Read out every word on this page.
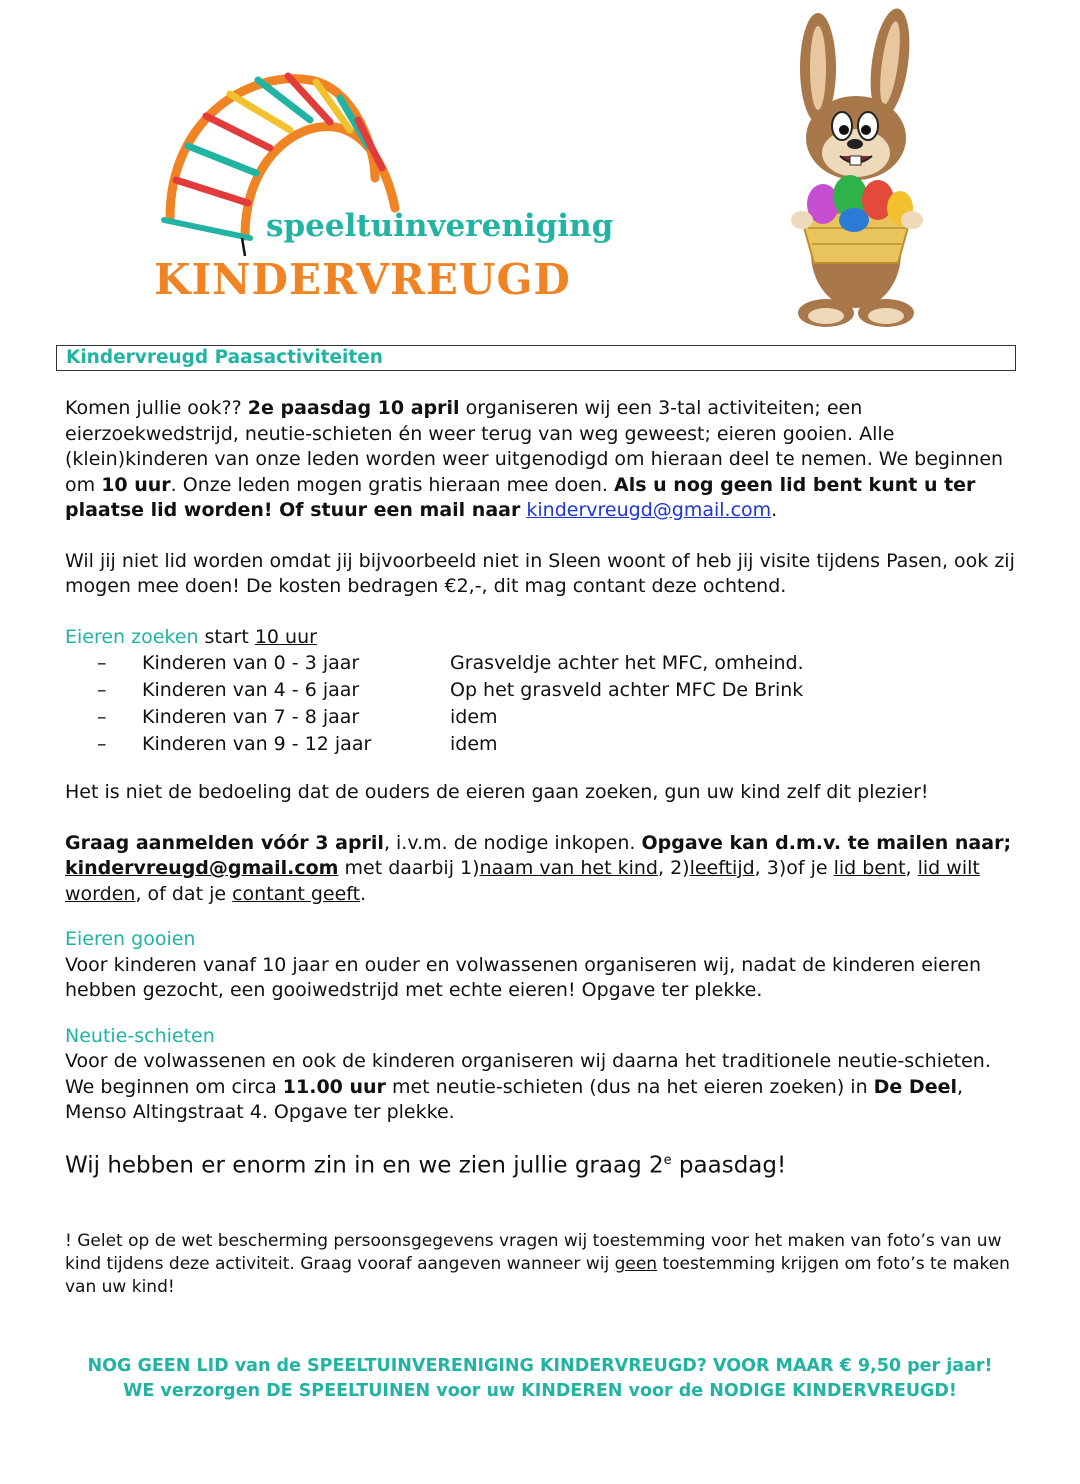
speeltuinvereniging
KINDERVREUGD
Kindervreugd Paasactiviteiten

Komen jullie ook?? 2e paasdag 10 april organiseren wij een 3-tal activiteiten; een eierzoekwedstrijd, neutie-schieten én weer terug van weg geweest; eieren gooien. Alle (klein)kinderen van onze leden worden weer uitgenodigd om hieraan deel te nemen. We beginnen om 10 uur. Onze leden mogen gratis hieraan mee doen. Als u nog geen lid bent kunt u ter plaatse lid worden! Of stuur een mail naar kindervreugd@gmail.com.

Wil jij niet lid worden omdat jij bijvoorbeeld niet in Sleen woont of heb jij visite tijdens Pasen, ook zij mogen mee doen! De kosten bedragen €2,-, dit mag contant deze ochtend.

Eieren zoeken start 10 uur

–	Kinderen van 0 - 3 jaar	Grasveldje achter het MFC, omheind.
–	Kinderen van 4 - 6 jaar	Op het grasveld achter MFC De Brink
–	Kinderen van 7 - 8 jaar	idem
–	Kinderen van 9 - 12 jaar	idem

Het is niet de bedoeling dat de ouders de eieren gaan zoeken, gun uw kind zelf dit plezier!

Graag aanmelden vóór 3 april, i.v.m. de nodige inkopen. Opgave kan d.m.v. te mailen naar; kindervreugd@gmail.com met daarbij 1)naam van het kind, 2)leeftijd, 3)of je lid bent, lid wilt worden, of dat je contant geeft.

Eieren gooien

Voor kinderen vanaf 10 jaar en ouder en volwassenen organiseren wij, nadat de kinderen eieren hebben gezocht, een gooiwedstrijd met echte eieren! Opgave ter plekke.

Neutie-schieten

Voor de volwassenen en ook de kinderen organiseren wij daarna het traditionele neutie-schieten. We beginnen om circa 11.00 uur met neutie-schieten (dus na het eieren zoeken) in De Deel, Menso Altingstraat 4. Opgave ter plekke.

Wij hebben er enorm zin in en we zien jullie graag 2e paasdag!

! Gelet op de wet bescherming persoonsgegevens vragen wij toestemming voor het maken van foto’s van uw kind tijdens deze activiteit. Graag vooraf aangeven wanneer wij geen toestemming krijgen om foto’s te maken van uw kind!

NOG GEEN LID van de SPEELTUINVERENIGING KINDERVREUGD? VOOR MAAR € 9,50 per jaar!
WE verzorgen DE SPEELTUINEN voor uw KINDEREN voor de NODIGE KINDERVREUGD!
